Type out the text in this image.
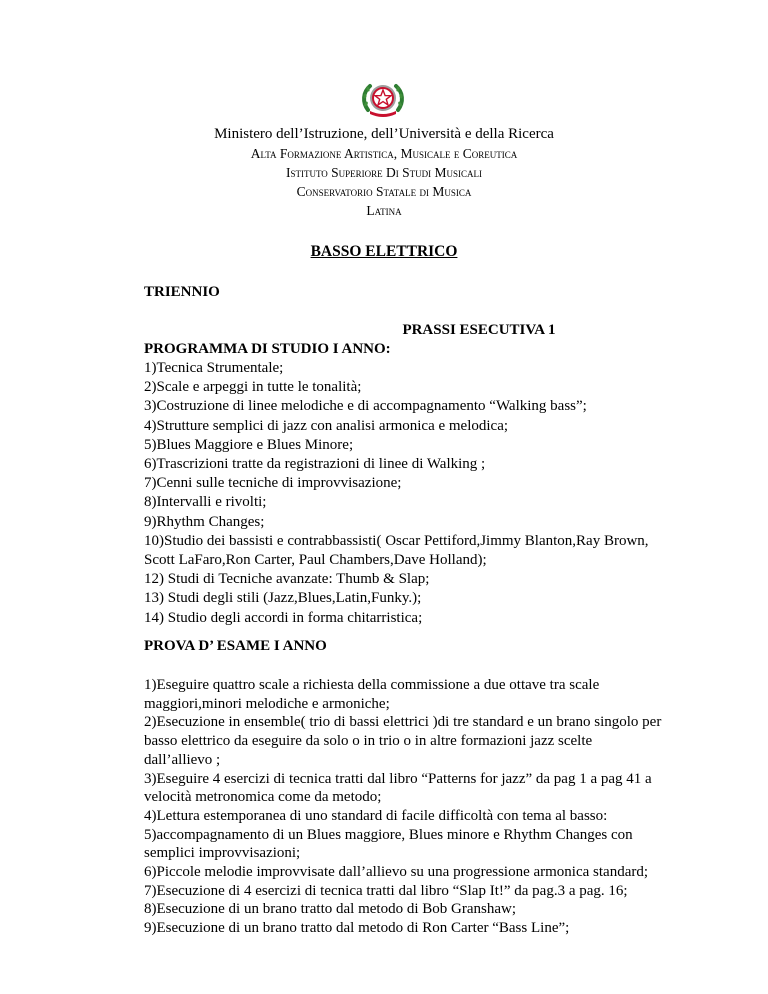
Ministero dell’Istruzione, dell’Università e della Ricerca
Alta Formazione Artistica, Musicale e Coreutica
Istituto Superiore Di Studi Musicali
Conservatorio Statale di Musica
Latina
BASSO ELETTRICO
TRIENNIO
PRASSI ESECUTIVA 1
PROGRAMMA DI STUDIO I ANNO:
1)Tecnica Strumentale;
2)Scale e arpeggi in tutte le tonalità;
3)Costruzione di linee melodiche e di accompagnamento “Walking bass”;
4)Strutture semplici di jazz con analisi armonica e melodica;
5)Blues Maggiore e Blues Minore;
6)Trascrizioni tratte da registrazioni di linee di Walking ;
7)Cenni sulle tecniche di improvvisazione;
8)Intervalli e rivolti;
9)Rhythm Changes;
10)Studio dei bassisti e contrabbassisti( Oscar Pettiford,Jimmy Blanton,Ray Brown, Scott LaFaro,Ron Carter, Paul Chambers,Dave Holland);
12) Studi di Tecniche avanzate: Thumb & Slap;
13) Studi degli stili (Jazz,Blues,Latin,Funky.);
14) Studio degli accordi in forma chitarristica;
PROVA D’ ESAME I ANNO
1)Eseguire quattro scale a richiesta della commissione a due ottave tra scale maggiori,minori melodiche e armoniche;
2)Esecuzione in ensemble( trio di bassi elettrici )di tre standard e un brano singolo per basso elettrico da eseguire da solo o in trio o in altre formazioni jazz scelte dall’allievo ;
3)Eseguire 4 esercizi di tecnica tratti dal libro “Patterns for jazz” da pag 1 a pag 41 a velocità metronomica come da metodo;
4)Lettura estemporanea di uno standard di facile difficoltà con tema al basso:
5)accompagnamento di un Blues maggiore, Blues minore e Rhythm Changes con semplici improvvisazioni;
6)Piccole melodie improvvisate dall’allievo su una progressione armonica standard;
7)Esecuzione di 4 esercizi di tecnica tratti dal libro “Slap It!” da pag.3 a pag. 16;
8)Esecuzione di un brano tratto dal metodo di Bob Granshaw;
9)Esecuzione di un brano tratto dal metodo di Ron Carter “Bass Line”;
